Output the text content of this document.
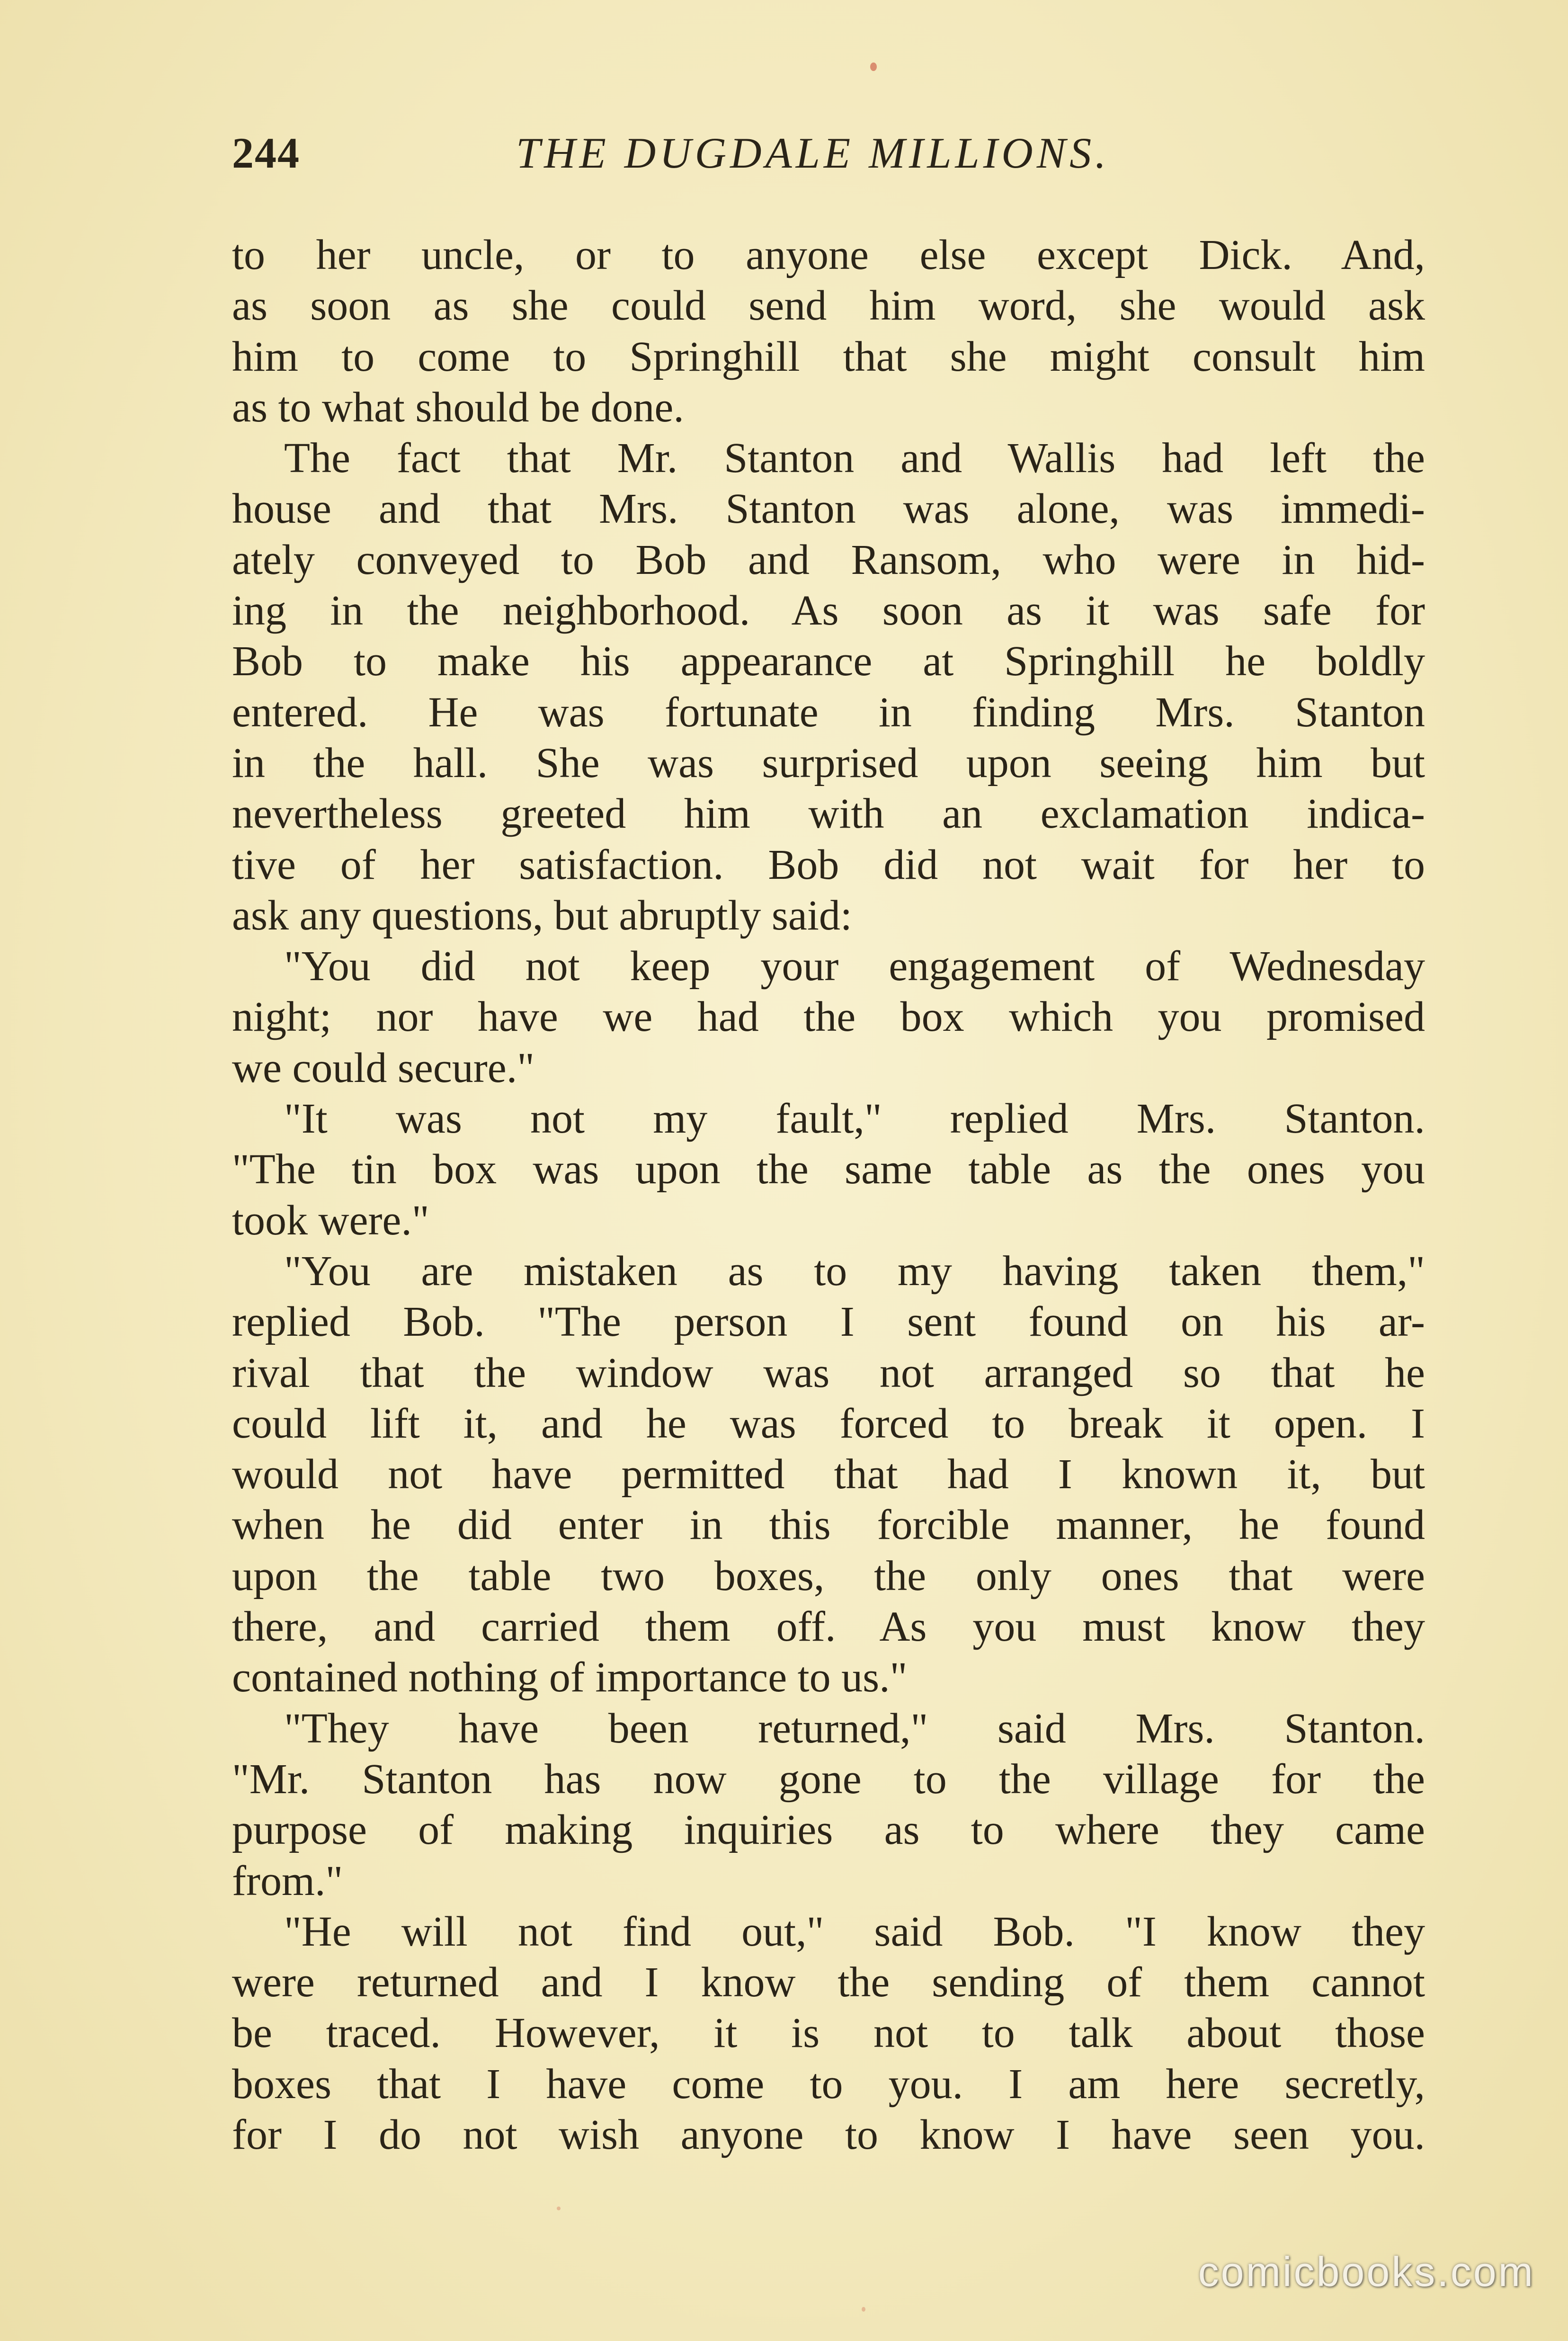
244	THE DUGDALE MILLIONS.
to her uncle, or to anyone else except Dick. And,
as soon as she could send him word, she would ask
him to come to Springhill that she might consult him
as to what should be done.
The fact that Mr. Stanton and Wallis had left the
house and that Mrs. Stanton was alone, was immedi-
ately conveyed to Bob and Ransom, who were in hid-
ing in the neighborhood. As soon as it was safe for
Bob to make his appearance at Springhill he boldly
entered. He was fortunate in finding Mrs. Stanton
in the hall. She was surprised upon seeing him but
nevertheless greeted him with an exclamation indica-
tive of her satisfaction. Bob did not wait for her to
ask any questions, but abruptly said:
"You did not keep your engagement of Wednesday
night; nor have we had the box which you promised
we could secure."
"It was not my fault," replied Mrs. Stanton.
"The tin box was upon the same table as the ones you
took were."
"You are mistaken as to my having taken them,"
replied Bob. "The person I sent found on his ar-
rival that the window was not arranged so that he
could lift it, and he was forced to break it open. I
would not have permitted that had I known it, but
when he did enter in this forcible manner, he found
upon the table two boxes, the only ones that were
there, and carried them off. As you must know they
contained nothing of importance to us."
"They have been returned," said Mrs. Stanton.
"Mr. Stanton has now gone to the village for the
purpose of making inquiries as to where they came
from."
"He will not find out," said Bob. "I know they
were returned and I know the sending of them cannot
be traced. However, it is not to talk about those
boxes that I have come to you. I am here secretly,
for I do not wish anyone to know I have seen you.
comicbooks.com
